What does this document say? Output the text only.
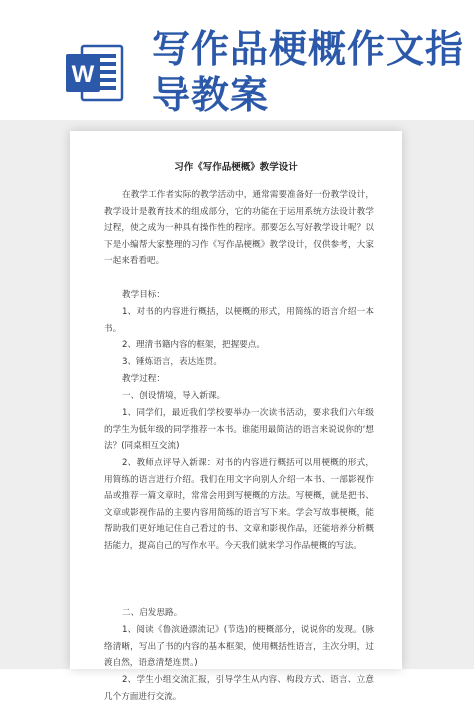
W
写作品梗概作文指
导教案
习作《写作品梗概》教学设计
在教学工作者实际的教学活动中，通常需要准备好一份教学设计，教学设计是教育技术的组成部分，它的功能在于运用系统方法设计教学过程，使之成为一种具有操作性的程序。那要怎么写好教学设计呢？以下是小编帮大家整理的习作《写作品梗概》教学设计，仅供参考，大家一起来看看吧。
教学目标：
1、对书的内容进行概括，以梗概的形式，用简练的语言介绍一本书。
2、理清书籍内容的框架，把握要点。
3、锤炼语言，表达连贯。
教学过程：
一、创设情境，导入新课。
1、同学们，最近我们学校要举办一次读书活动，要求我们六年级的学生为低年级的同学推荐一本书。谁能用最简洁的语言来说说你的‘想法？(同桌相互交流)
2、教师点评导入新课：对书的内容进行概括可以用梗概的形式，用简练的语言进行介绍。我们在用文字向别人介绍一本书、一部影视作品或推荐一篇文章时，常常会用到写梗概的方法。写梗概，就是把书、文章或影视作品的主要内容用简练的语言写下来。学会写故事梗概，能帮助我们更好地记住自己看过的书、文章和影视作品，还能培养分析概括能力，提高自己的写作水平。今天我们就来学习作品梗概的写法。
二、启发思路。
1、阅读《鲁滨逊漂流记》(节选)的梗概部分，说说你的发现。(脉络清晰，写出了书的内容的基本框架，使用概括性语言，主次分明，过渡自然，语意清楚连贯。)
2、学生小组交流汇报，引导学生从内容、构段方式、语言、立意几个方面进行交流。
